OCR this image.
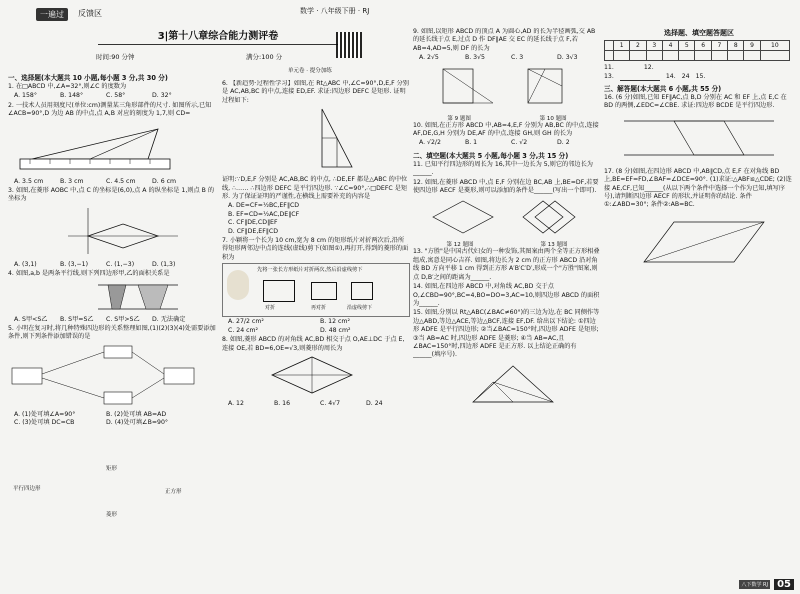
一遍过	反馈区	数学 · 八年级下册 · RJ
3|第十八章综合能力测评卷
时间:90 分钟	满分:100 分
单元卷 · 提分加练
一、选择题(本大题共 10 小题,每小题 3 分,共 30 分)
1. 在□ABCD 中,∠A=32°,则∠C 的度数为
A. 158°	B. 148°	C. 58°	D. 32°
2. 一技术人员用刻度尺(单位:cm)测量某三角形部件的尺寸. 如图所示,已知∠ACB=90°,D 为边 AB 的中点,点 A,B 对应的刻度为 1,7,则 CD=
A. 3.5 cm	B. 3 cm	C. 4.5 cm	D. 6 cm
3. 如图,在菱形 AOBC 中,点 C 的坐标是(6,0),点 A 的纵坐标是 1,则点 B 的坐标为
A. (3,1)	B. (3,−1)	C. (1,−3)	D. (1,3)
4. 如图,a,b 是两条平行线,则下列四边形甲,乙的面积关系是
A. S甲<S乙	B. S甲=S乙	C. S甲>S乙	D. 无法确定
5. 小明在复习时,将几种特殊四边形的关系整理如图,(1)(2)(3)(4)处需要添加条件,则下列条件添加错误的是
A. (1)处可填∠A=90°	B. (2)处可填 AB=AD
C. (3)处可填 DC=CB	D. (4)处可填∠B=90°
矩形
平行四边形	正方形
菱形
6. 【新趋势·过程性学习】如图,在 Rt△ABC 中,∠C=90°,D,E,F 分别是 AC,AB,BC 的中点,连接 ED,EF. 求证:四边形 DEFC 是矩形. 证明过程如下:
证明:∵D,E,F 分别是 AC,AB,BC 的中点, ∴DE,EF 都是△ABC 的中位线, ∴…… ∴四边形 DEFC 是平行四边形. ∵∠C=90°,∴□DEFC 是矩形. 为了保证证明的严谨性,在横线上需要补充的内容是
A. DE=CF=½BC,EF∥CD
B. EF=CD=½AC,DE∥CF
C. CF∥DE,CD∥EF
D. CF∥DE,EF∥CD
7. 小颖将一个长为 10 cm,宽为 8 cm 的矩形纸片对折两次后,沿所得矩形两邻边中点的连线(虚线)剪下(如图①),再打开,得到的菱形的面积为
先将一张长方形纸片对折两次,然后沿虚线剪下
对折	再对折	沿虚线剪下
A. 27/2 cm²	B. 12 cm²
C. 24 cm²	D. 48 cm²
8. 如图,菱形 ABCD 的对角线 AC,BD 相交于点 O,AE⊥DC 于点 E,连接 OE,若 BD=6,OE=√3,则菱形的周长为
A. 12	B. 16	C. 4√7	D. 24
9. 如图,以矩形 ABCD 的顶点 A 为圆心,AD 的长为半径画弧,交 AB 的延长线于点 E,过点 D 作 DF∥AE 交 EC 的延长线于点 F,若 AB=4,AD=5,则 DF 的长为
A. 2√5	B. 3√5	C. 3	D. 3√3
第 9 题图	第 10 题图
10. 如图,在正方形 ABCD 中,AB=4,E,F 分别为 AB,BC 的中点,连接 AF,DE,G,H 分别为 DE,AF 的中点,连接 GH,则 GH 的长为
A. √2/2	B. 1	C. √2	D. 2
二、填空题(本大题共 5 小题,每小题 3 分,共 15 分)
11. 已知平行四边形的周长为 16,其中一边长为 5,则它的邻边长为______.
12. 如图,在菱形 ABCD 中,点 E,F 分别在边 BC,AB 上,BE=DF,若要使四边形 AECF 是菱形,则可以添加的条件是______(写出一个即可).
第 12 题图	第 13 题图
13. "方胜"是中国古代妇女的一种发饰,其图案由两个全等正方形相叠组成,寓意是同心吉祥. 如图,将边长为 2 cm 的正方形 ABCD 沿对角线 BD 方向平移 1 cm 得到正方形 A′B′C′D′,形成一个"方胜"图案,则点 D,B′之间的距离为______.
14. 如图,在四边形 ABCD 中,对角线 AC,BD 交于点 O,∠CBD=90°,BC=4,BO=DO=3,AC=10,则四边形 ABCD 的面积为______.
15. 如图,分别以 Rt△ABC(∠BAC≠60°)的三边为边,在 BC 同侧作等边△ABD,等边△ACE,等边△BCF,连接 EF,DF. 给出以下结论: ①四边形 ADFE 是平行四边形; ②当∠BAC=150°时,四边形 ADFE 是矩形; ③当 AB=AC 时,四边形 ADFE 是菱形; ④当 AB=AC,且∠BAC=150°时,四边形 ADFE 是正方形. 以上结论正确的有______(填序号).
选择题、填空题答题区
	1	2	3	4	5	6	7	8	9	10

11.	12.
13.	14. 24 15.
三、解答题(本大题共 6 小题,共 55 分)
16. (6 分)如图,已知 EF∥AC,点 B,D 分别在 AC 和 EF 上,点 E,C 在 BD 的两侧,∠EDC=∠CBE. 求证:四边形 BCDE 是平行四边形.
17. (8 分)如图,在四边形 ABCD 中,AB∥CD,点 E,F 在对角线 BD 上,BE=EF=FD,∠BAF=∠DCE=90°. (1)求证:△ABF≌△CDE; (2)连接 AE,CF,已知______(从以下两个条件中选择一个作为已知,填写序号),请判断四边形 AECF 的形状,并证明你的结论. 条件①:∠ABD=30°; 条件②:AB=BC.
八下数学 RJ 05
